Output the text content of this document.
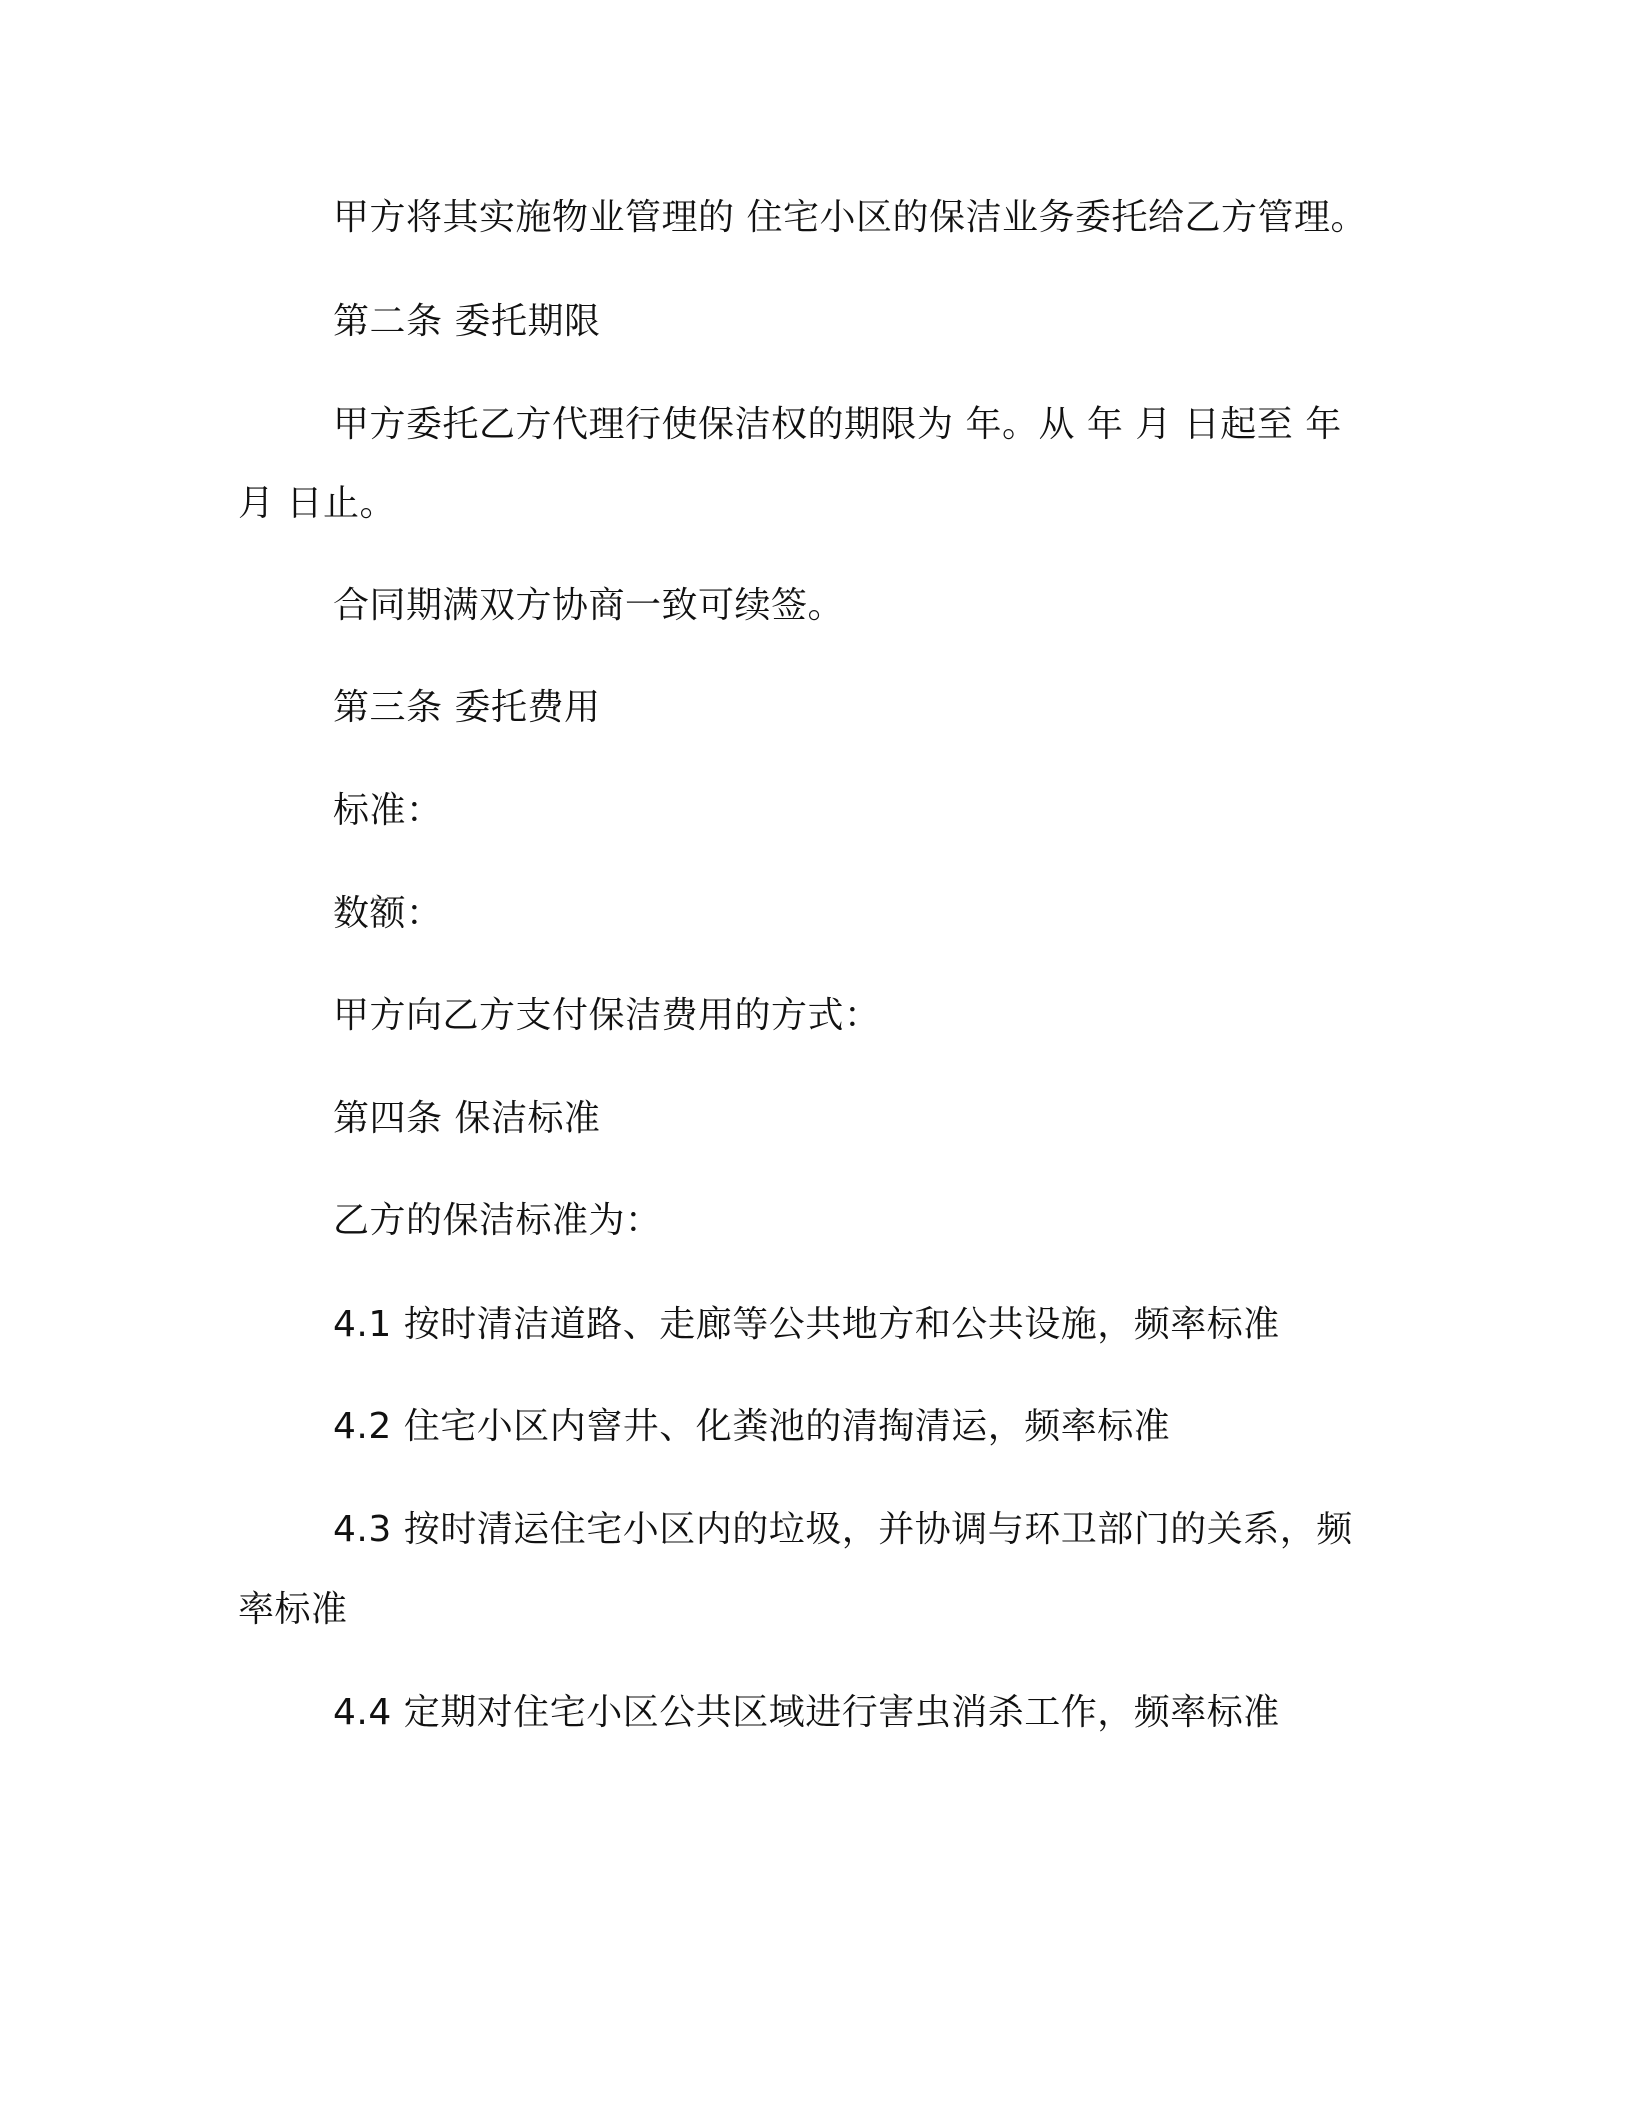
甲方将其实施物业管理的 住宅小区的保洁业务委托给乙方管理。
第二条 委托期限
甲方委托乙方代理行使保洁权的期限为 年。从 年 月 日起至 年
月 日止。
合同期满双方协商一致可续签。
第三条 委托费用
标准：
数额：
甲方向乙方支付保洁费用的方式：
第四条 保洁标准
乙方的保洁标准为：
4.1 按时清洁道路、走廊等公共地方和公共设施，频率标准
4.2 住宅小区内窨井、化粪池的清掏清运，频率标准
4.3 按时清运住宅小区内的垃圾，并协调与环卫部门的关系，频
率标准
4.4 定期对住宅小区公共区域进行害虫消杀工作，频率标准
